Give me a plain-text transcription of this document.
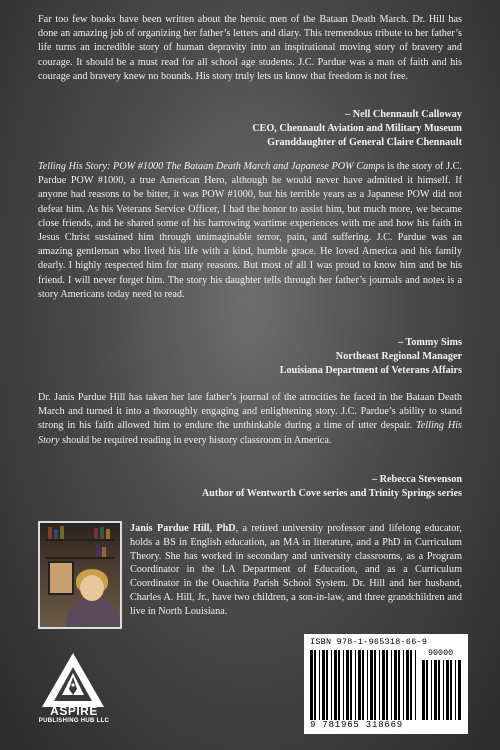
Far too few books have been written about the heroic men of the Bataan Death March. Dr. Hill has done an amazing job of organizing her father’s letters and diary. This tremendous tribute to her father’s life turns an incredible story of human depravity into an inspirational moving story of bravery and courage. It should be a must read for all school age students. J.C. Pardue was a man of faith and his courage and bravery knew no bounds. His story truly lets us know that freedom is not free.

– Nell Chennault Calloway
CEO, Chennault Aviation and Military Museum
Granddaughter of General Claire Chennault

Telling His Story: POW #1000 The Bataan Death March and Japanese POW Camps is the story of J.C. Pardue POW #1000, a true American Hero, although he would never have admitted it himself. If anyone had reasons to be bitter, it was POW #1000, but his terrible years as a Japanese POW did not defeat him. As his Veterans Service Officer, I had the honor to assist him, but much more, we became close friends, and he shared some of his harrowing wartime experiences with me and how his faith in Jesus Christ sustained him through unimaginable terror, pain, and suffering. J.C. Pardue was an amazing gentleman who lived his life with a kind, humble grace. He loved America and his family dearly. I highly respected him for many reasons. But most of all I was proud to know him and be his friend. I will never forget him. The story his daughter tells through her father’s journals and notes is a story Americans today need to read.

– Tommy Sims
Northeast Regional Manager
Louisiana Department of Veterans Affairs

Dr. Janis Pardue Hill has taken her late father’s journal of the atrocities he faced in the Bataan Death March and turned it into a thoroughly engaging and enlightening story. J.C. Pardue’s ability to stand strong in his faith allowed him to endure the unthinkable during a time of utter despair. Telling His Story should be required reading in every history classroom in America.

– Rebecca Stevenson
Author of Wentworth Cove series and Trinity Springs series

Janis Pardue Hill, PhD, a retired university professor and lifelong educator, holds a BS in English education, an MA in literature, and a PhD in Curriculum Theory. She has worked in secondary and university classrooms, as a Program Coordinator in the LA Department of Education, and as a Curriculum Coordinator in the Ouachita Parish School System. Dr. Hill and her husband, Charles A. Hill, Jr., have two children, a son-in-law, and three grandchildren and live in North Louisiana.

ASPIRE
PUBLISHING HUB LLC
ISBN 978-1-965318-66-9
90000
9 781965 318669
